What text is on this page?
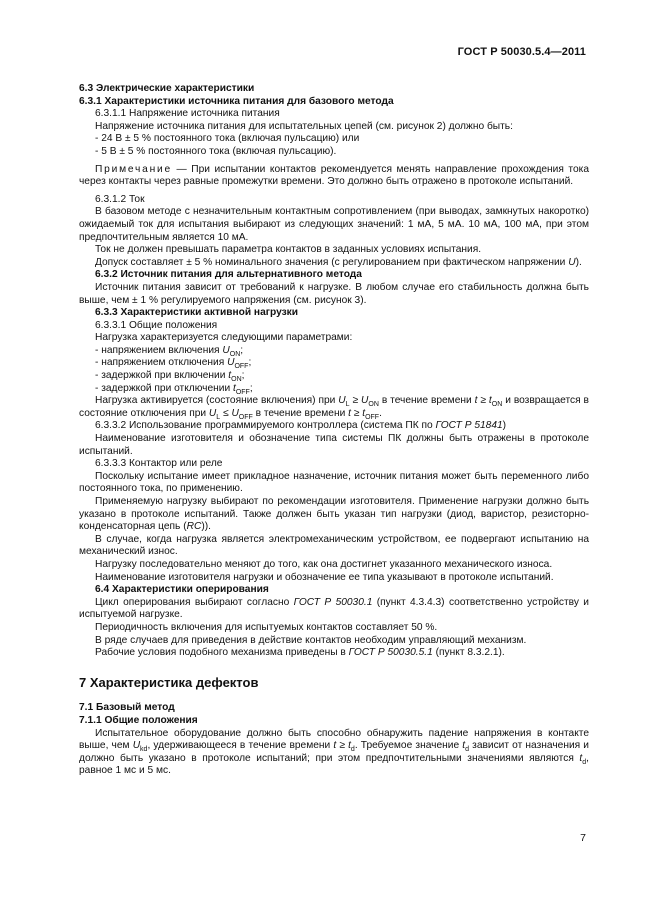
ГОСТ Р 50030.5.4—2011

6.3 Электрические характеристики

6.3.1 Характеристики источника питания для базового метода

6.3.1.1 Напряжение источника питания

Напряжение источника питания для испытательных цепей (см. рисунок 2) должно быть:

- 24 В ± 5 % постоянного тока (включая пульсацию) или

- 5 В ± 5 % постоянного тока (включая пульсацию).

Примечание — При испытании контактов рекомендуется менять направление прохождения тока через контакты через равные промежутки времени. Это должно быть отражено в протоколе испытаний.

6.3.1.2 Ток

В базовом методе с незначительным контактным сопротивлением (при выводах, замкнутых накоротко) ожидаемый ток для испытания выбирают из следующих значений: 1 мА, 5 мА. 10 мА, 100 мА, при этом предпочтительным является 10 мА.

Ток не должен превышать параметра контактов в заданных условиях испытания.

Допуск составляет ± 5 % номинального значения (с регулированием при фактическом напряжении U).

6.3.2 Источник питания для альтернативного метода

Источник питания зависит от требований к нагрузке. В любом случае его стабильность должна быть выше, чем ± 1 % регулируемого напряжения (см. рисунок 3).

6.3.3 Характеристики активной нагрузки

6.3.3.1 Общие положения

Нагрузка характеризуется следующими параметрами:

- напряжением включения $U_{ON}$;

- напряжением отключения $U_{OFF}$;

- задержкой при включении $t_{ON}$;

- задержкой при отключении $t_{OFF}$;

Нагрузка активируется (состояние включения) при $U_L \ge U_{ON}$ в течение времени $t \ge t_{ON}$ и возвращается в состояние отключения при $U_L \le U_{OFF}$ в течение времени $t \ge t_{OFF}$.

6.3.3.2 Использование программируемого контроллера (система ПК по ГОСТ Р 51841)

Наименование изготовителя и обозначение типа системы ПК должны быть отражены в протоколе испытаний.

6.3.3.3 Контактор или реле

Поскольку испытание имеет прикладное назначение, источник питания может быть переменного либо постоянного тока, по применению.

Применяемую нагрузку выбирают по рекомендации изготовителя. Применение нагрузки должно быть указано в протоколе испытаний. Также должен быть указан тип нагрузки (диод, варистор, резисторно-конденсаторная цепь (RC)).

В случае, когда нагрузка является электромеханическим устройством, ее подвергают испытанию на механический износ.

Нагрузку последовательно меняют до того, как она достигнет указанного механического износа.

Наименование изготовителя нагрузки и обозначение ее типа указывают в протоколе испытаний.

6.4 Характеристики оперирования

Цикл оперирования выбирают согласно ГОСТ Р 50030.1 (пункт 4.3.4.3) соответственно устройству и испытуемой нагрузке.

Периодичность включения для испытуемых контактов составляет 50 %.

В ряде случаев для приведения в действие контактов необходим управляющий механизм.

Рабочие условия подобного механизма приведены в ГОСТ Р 50030.5.1 (пункт 8.3.2.1).

7 Характеристика дефектов

7.1 Базовый метод

7.1.1 Общие положения

Испытательное оборудование должно быть способно обнаружить падение напряжения в контакте выше, чем $U_{kd}$, удерживающееся в течение времени $t \ge t_d$. Требуемое значение $t_d$ зависит от назначения и должно быть указано в протоколе испытаний; при этом предпочтительными значениями являются $t_d$, равное 1 мс и 5 мс.

7
